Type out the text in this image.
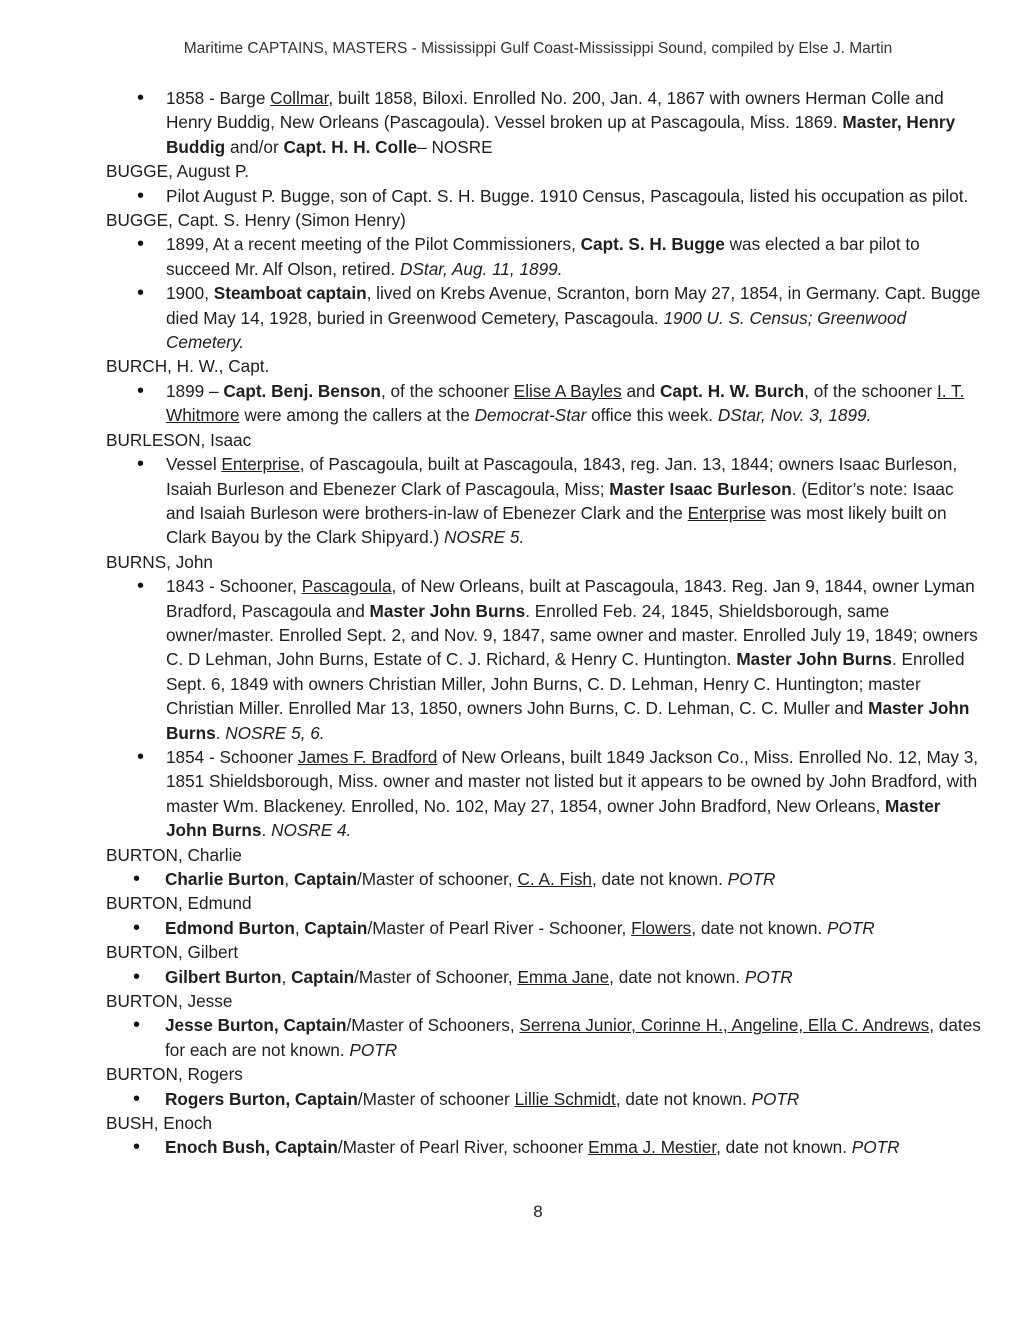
Maritime CAPTAINS, MASTERS - Mississippi Gulf Coast-Mississippi Sound, compiled by Else J. Martin

• 1858 - Barge Collmar, built 1858, Biloxi. Enrolled No. 200, Jan. 4, 1867 with owners Herman Colle and Henry Buddig, New Orleans (Pascagoula). Vessel broken up at Pascagoula, Miss. 1869. Master, Henry Buddig and/or Capt. H. H. Colle– NOSRE

BUGGE, August P.

• Pilot August P. Bugge, son of Capt. S. H. Bugge. 1910 Census, Pascagoula, listed his occupation as pilot.

BUGGE, Capt. S. Henry (Simon Henry)

• 1899, At a recent meeting of the Pilot Commissioners, Capt. S. H. Bugge was elected a bar pilot to succeed Mr. Alf Olson, retired. DStar, Aug. 11, 1899.

• 1900, Steamboat captain, lived on Krebs Avenue, Scranton, born May 27, 1854, in Germany. Capt. Bugge died May 14, 1928, buried in Greenwood Cemetery, Pascagoula. 1900 U. S. Census; Greenwood Cemetery.

BURCH, H. W., Capt.

• 1899 – Capt. Benj. Benson, of the schooner Elise A Bayles and Capt. H. W. Burch, of the schooner I. T. Whitmore were among the callers at the Democrat-Star office this week. DStar, Nov. 3, 1899.

BURLESON, Isaac

• Vessel Enterprise, of Pascagoula, built at Pascagoula, 1843, reg. Jan. 13, 1844; owners Isaac Burleson, Isaiah Burleson and Ebenezer Clark of Pascagoula, Miss; Master Isaac Burleson. (Editor’s note: Isaac and Isaiah Burleson were brothers-in-law of Ebenezer Clark and the Enterprise was most likely built on Clark Bayou by the Clark Shipyard.) NOSRE 5.

BURNS, John

• 1843 - Schooner, Pascagoula, of New Orleans, built at Pascagoula, 1843. Reg. Jan 9, 1844, owner Lyman Bradford, Pascagoula and Master John Burns. Enrolled Feb. 24, 1845, Shieldsborough, same owner/master. Enrolled Sept. 2, and Nov. 9, 1847, same owner and master. Enrolled July 19, 1849; owners C. D Lehman, John Burns, Estate of C. J. Richard, & Henry C. Huntington. Master John Burns. Enrolled Sept. 6, 1849 with owners Christian Miller, John Burns, C. D. Lehman, Henry C. Huntington; master Christian Miller. Enrolled Mar 13, 1850, owners John Burns, C. D. Lehman, C. C. Muller and Master John Burns. NOSRE 5, 6.

• 1854 - Schooner James F. Bradford of New Orleans, built 1849 Jackson Co., Miss. Enrolled No. 12, May 3, 1851 Shieldsborough, Miss. owner and master not listed but it appears to be owned by John Bradford, with master Wm. Blackeney. Enrolled, No. 102, May 27, 1854, owner John Bradford, New Orleans, Master John Burns. NOSRE 4.

BURTON, Charlie

• Charlie Burton, Captain/Master of schooner, C. A. Fish, date not known. POTR

BURTON, Edmund

• Edmond Burton, Captain/Master of Pearl River - Schooner, Flowers, date not known. POTR

BURTON, Gilbert

• Gilbert Burton, Captain/Master of Schooner, Emma Jane, date not known. POTR

BURTON, Jesse

• Jesse Burton, Captain/Master of Schooners, Serrena Junior, Corinne H., Angeline, Ella C. Andrews, dates for each are not known. POTR

BURTON, Rogers

• Rogers Burton, Captain/Master of schooner Lillie Schmidt, date not known. POTR

BUSH, Enoch

• Enoch Bush, Captain/Master of Pearl River, schooner Emma J. Mestier, date not known. POTR

8
